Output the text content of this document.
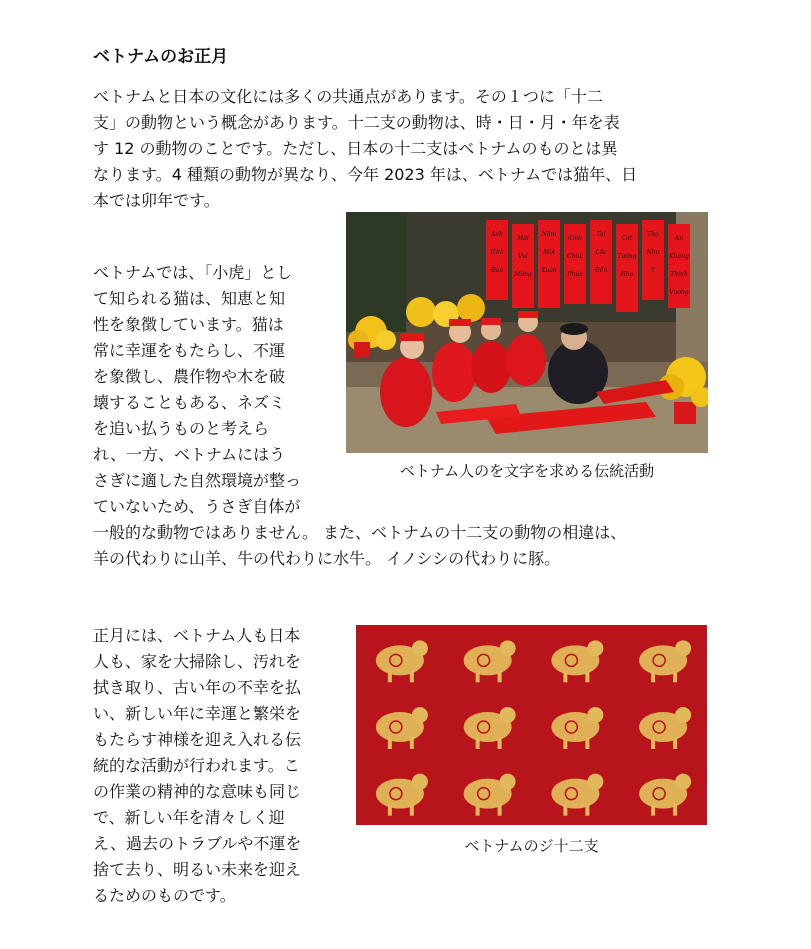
ベトナムのお正月
ベトナムと日本の文化には多くの共通点があります。その１つに「十二
支」の動物という概念があります。十二支の動物は、時・日・月・年を表
す 12 の動物のことです。ただし、日本の十二支はベトナムのものとは異
なります。4 種類の動物が異なり、今年 2023 年は、ベトナムでは猫年、日
本では卯年です。
ベトナムでは、「小虎」とし
て知られる猫は、知恵と知
性を象徴しています。猫は
常に幸運をもたらし、不運
を象徴し、農作物や木を破
壊することもある、ネズミ
を追い払うものと考えら
れ、一方、ベトナムにはう
さぎに適した自然環境が整っ
ていないため、うさぎ自体が
一般的な動物ではありません。 また、ベトナムの十二支の動物の相違は、
羊の代わりに山羊、牛の代わりに水牛。 イノシシの代わりに豚。
正月には、ベトナム人も日本
人も、家を大掃除し、汚れを
拭き取り、古い年の不幸を払
い、新しい年に幸運と繁栄を
もたらす神様を迎え入れる伝
統的な活動が行われます。こ
の作業の精神的な意味も同じ
で、新しい年を清々しく迎
え、過去のトラブルや不運を
捨て去り、明るい未来を迎え
るためのものです。
Anh
Nhà
Đàn
Mai
Vui
Mừng
Năm
Mới
Xuân
Kính
Chúc
Phúc
Tài
Lộc
Đến
Cát
Tường
Hòa
Thọ
Như
Ý
An
Khang
Thịnh
Vượng
ベトナム人のを文字を求める伝統活動
ベトナムのジ十二支
